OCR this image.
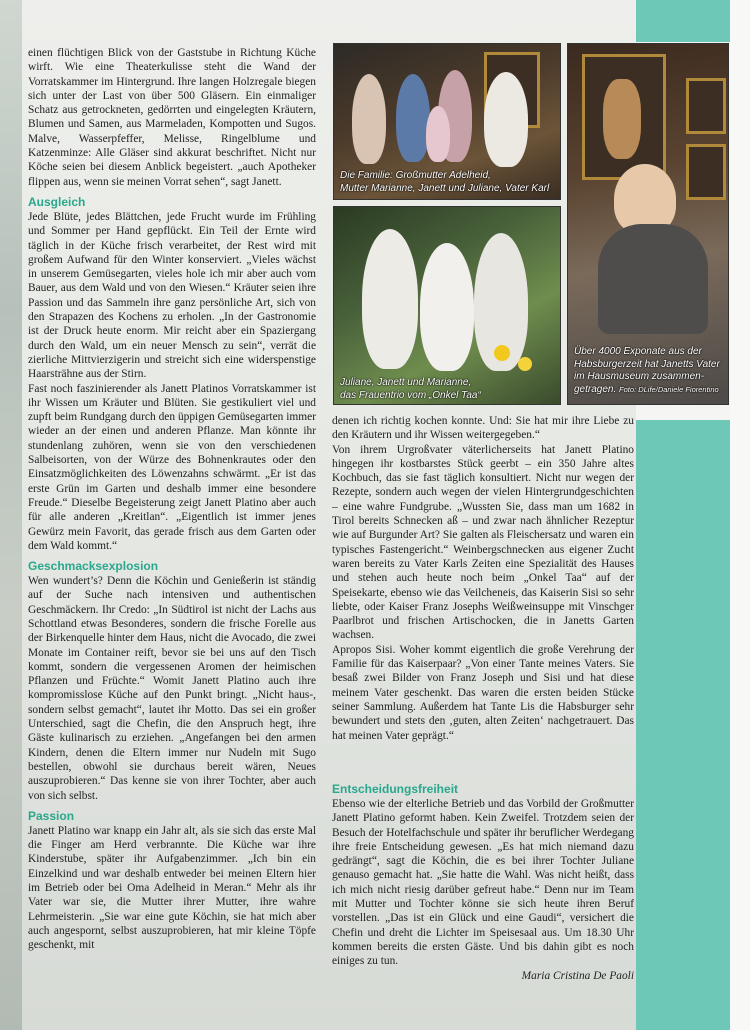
einen flüchtigen Blick von der Gaststube in Richtung Küche wirft. Wie eine Theaterkulisse steht die Wand der Vorratskammer im Hintergrund. Ihre langen Holzregale biegen sich unter der Last von über 500 Gläsern. Ein einmaliger Schatz aus getrockneten, gedörrten und eingelegten Kräutern, Blumen und Samen, aus Marmeladen, Kompotten und Sugos. Malve, Wasserpfeffer, Melisse, Ringelblume und Katzenminze: Alle Gläser sind akkurat beschriftet. Nicht nur Köche seien bei diesem Anblick begeistert. „auch Apotheker flippen aus, wenn sie meinen Vorrat sehen“, sagt Janett.

Ausgleich

Jede Blüte, jedes Blättchen, jede Frucht wurde im Frühling und Sommer per Hand gepflückt. Ein Teil der Ernte wird täglich in der Küche frisch verarbeitet, der Rest wird mit großem Aufwand für den Winter konserviert. „Vieles wächst in unserem Gemüsegarten, vieles hole ich mir aber auch vom Bauer, aus dem Wald und von den Wiesen.“ Kräuter seien ihre Passion und das Sammeln ihre ganz persönliche Art, sich von den Strapazen des Kochens zu erholen. „In der Gastronomie ist der Druck heute enorm. Mir reicht aber ein Spaziergang durch den Wald, um ein neuer Mensch zu sein“, verrät die zierliche Mittvierzigerin und streicht sich eine widerspenstige Haarsträhne aus der Stirn.

Fast noch faszinierender als Janett Platinos Vorratskammer ist ihr Wissen um Kräuter und Blüten. Sie gestikuliert viel und zupft beim Rundgang durch den üppigen Gemüsegarten immer wieder an der einen und anderen Pflanze. Man könnte ihr stundenlang zuhören, wenn sie von den verschiedenen Salbeisorten, von der Würze des Bohnenkrautes oder den Einsatzmöglichkeiten des Löwenzahns schwärmt. „Er ist das erste Grün im Garten und deshalb immer eine besondere Freude.“ Dieselbe Begeisterung zeigt Janett Platino aber auch für alle anderen „Kreitlan“. „Eigentlich ist immer jenes Gewürz mein Favorit, das gerade frisch aus dem Garten oder dem Wald kommt.“

Geschmacksexplosion

Wen wundert’s? Denn die Köchin und Genießerin ist ständig auf der Suche nach intensiven und authentischen Geschmäckern. Ihr Credo: „In Südtirol ist nicht der Lachs aus Schottland etwas Besonderes, sondern die frische Forelle aus der Birkenquelle hinter dem Haus, nicht die Avocado, die zwei Monate im Container reift, bevor sie bei uns auf den Tisch kommt, sondern die vergessenen Aromen der heimischen Pflanzen und Früchte.“ Womit Janett Platino auch ihre kompromisslose Küche auf den Punkt bringt. „Nicht haus-, sondern selbst gemacht“, lautet ihr Motto. Das sei ein großer Unterschied, sagt die Chefin, die den Anspruch hegt, ihre Gäste kulinarisch zu erziehen. „Angefangen bei den armen Kindern, denen die Eltern immer nur Nudeln mit Sugo bestellen, obwohl sie durchaus bereit wären, Neues auszuprobieren.“ Das kenne sie von ihrer Tochter, aber auch von sich selbst.

Passion

Janett Platino war knapp ein Jahr alt, als sie sich das erste Mal die Finger am Herd verbrannte. Die Küche war ihre Kinderstube, später ihr Aufgabenzimmer. „Ich bin ein Einzelkind und war deshalb entweder bei meinen Eltern hier im Betrieb oder bei Oma Adelheid in Meran.“ Mehr als ihr Vater war sie, die Mutter ihrer Mutter, ihre wahre Lehrmeisterin. „Sie war eine gute Köchin, sie hat mich aber auch angespornt, selbst auszuprobieren, hat mir kleine Töpfe geschenkt, mit

Die Familie: Großmutter Adelheid,
Mutter Marianne, Janett und Juliane, Vater Karl
Juliane, Janett und Marianne,
das Frauentrio vom „Onkel Taa“
Über 4000 Exponate aus der
Habsburgerzeit hat Janetts Vater
im Hausmuseum zusammen-
getragen. Foto: DLife/Daniele Fiorentino

denen ich richtig kochen konnte. Und: Sie hat mir ihre Liebe zu den Kräutern und ihr Wissen weitergegeben.“

Von ihrem Urgroßvater väterlicherseits hat Janett Platino hingegen ihr kostbarstes Stück geerbt – ein 350 Jahre altes Kochbuch, das sie fast täglich konsultiert. Nicht nur wegen der Rezepte, sondern auch wegen der vielen Hintergrundgeschichten – eine wahre Fundgrube. „Wussten Sie, dass man um 1682 in Tirol bereits Schnecken aß – und zwar nach ähnlicher Rezeptur wie auf Burgunder Art? Sie galten als Fleischersatz und waren ein typisches Fastengericht.“ Weinbergschnecken aus eigener Zucht waren bereits zu Vater Karls Zeiten eine Spezialität des Hauses und stehen auch heute noch beim „Onkel Taa“ auf der Speisekarte, ebenso wie das Veilcheneis, das Kaiserin Sisi so sehr liebte, oder Kaiser Franz Josephs Weißweinsuppe mit Vinschger Paarlbrot und frischen Artischocken, die in Janetts Garten wachsen.

Apropos Sisi. Woher kommt eigentlich die große Verehrung der Familie für das Kaiserpaar? „Von einer Tante meines Vaters. Sie besaß zwei Bilder von Franz Joseph und Sisi und hat diese meinem Vater geschenkt. Das waren die ersten beiden Stücke seiner Sammlung. Außerdem hat Tante Lis die Habsburger sehr bewundert und stets den ‚guten, alten Zeiten‘ nachgetrauert. Das hat meinen Vater geprägt.“

Entscheidungsfreiheit

Ebenso wie der elterliche Betrieb und das Vorbild der Großmutter Janett Platino geformt haben. Kein Zweifel. Trotzdem seien der Besuch der Hotelfachschule und später ihr beruflicher Werdegang ihre freie Entscheidung gewesen. „Es hat mich niemand dazu gedrängt“, sagt die Köchin, die es bei ihrer Tochter Juliane genauso gemacht hat. „Sie hatte die Wahl. Was nicht heißt, dass ich mich nicht riesig darüber gefreut habe.“ Denn nur im Team mit Mutter und Tochter könne sie sich heute ihren Beruf vorstellen. „Das ist ein Glück und eine Gaudi“, versichert die Chefin und dreht die Lichter im Speisesaal aus. Um 18.30 Uhr kommen bereits die ersten Gäste. Und bis dahin gibt es noch einiges zu tun.

Maria Cristina De Paoli
